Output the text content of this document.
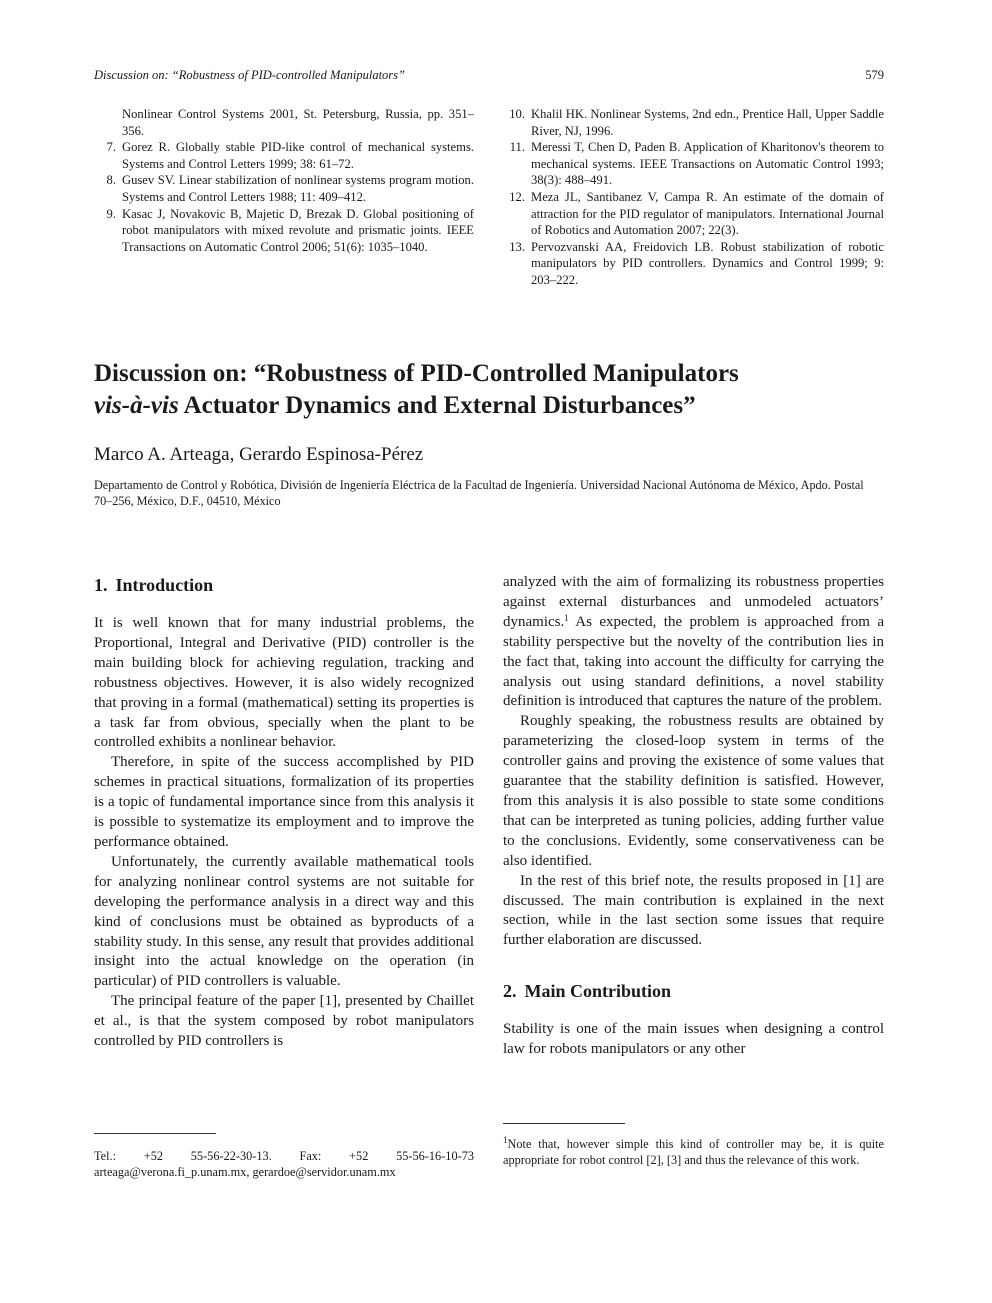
Discussion on: “Robustness of PID-controlled Manipulators”	579
Nonlinear Control Systems 2001, St. Petersburg, Russia, pp. 351–356.
7. Gorez R. Globally stable PID-like control of mechanical systems. Systems and Control Letters 1999; 38: 61–72.
8. Gusev SV. Linear stabilization of nonlinear systems program motion. Systems and Control Letters 1988; 11: 409–412.
9. Kasac J, Novakovic B, Majetic D, Brezak D. Global positioning of robot manipulators with mixed revolute and prismatic joints. IEEE Transactions on Automatic Control 2006; 51(6): 1035–1040.
10. Khalil HK. Nonlinear Systems, 2nd edn., Prentice Hall, Upper Saddle River, NJ, 1996.
11. Meressi T, Chen D, Paden B. Application of Kharitonov's theorem to mechanical systems. IEEE Transactions on Automatic Control 1993; 38(3): 488–491.
12. Meza JL, Santibanez V, Campa R. An estimate of the domain of attraction for the PID regulator of manipulators. International Journal of Robotics and Automation 2007; 22(3).
13. Pervozvanski AA, Freidovich LB. Robust stabilization of robotic manipulators by PID controllers. Dynamics and Control 1999; 9: 203–222.
Discussion on: “Robustness of PID-Controlled Manipulators
vis-à-vis Actuator Dynamics and External Disturbances”
Marco A. Arteaga, Gerardo Espinosa-Pérez
Departamento de Control y Robótica, División de Ingeniería Eléctrica de la Facultad de Ingeniería. Universidad Nacional Autónoma de México, Apdo. Postal 70–256, México, D.F., 04510, México
1. Introduction

It is well known that for many industrial problems, the Proportional, Integral and Derivative (PID) controller is the main building block for achieving regulation, tracking and robustness objectives. However, it is also widely recognized that proving in a formal (mathematical) setting its properties is a task far from obvious, specially when the plant to be controlled exhibits a nonlinear behavior.

Therefore, in spite of the success accomplished by PID schemes in practical situations, formalization of its properties is a topic of fundamental importance since from this analysis it is possible to systematize its employment and to improve the performance obtained.

Unfortunately, the currently available mathematical tools for analyzing nonlinear control systems are not suitable for developing the performance analysis in a direct way and this kind of conclusions must be obtained as byproducts of a stability study. In this sense, any result that provides additional insight into the actual knowledge on the operation (in particular) of PID controllers is valuable.

The principal feature of the paper [1], presented by Chaillet et al., is that the system composed by robot manipulators controlled by PID controllers is

analyzed with the aim of formalizing its robustness properties against external disturbances and unmodeled actuators’ dynamics.$^1$ As expected, the problem is approached from a stability perspective but the novelty of the contribution lies in the fact that, taking into account the difficulty for carrying the analysis out using standard definitions, a novel stability definition is introduced that captures the nature of the problem.

Roughly speaking, the robustness results are obtained by parameterizing the closed-loop system in terms of the controller gains and proving the existence of some values that guarantee that the stability definition is satisfied. However, from this analysis it is also possible to state some conditions that can be interpreted as tuning policies, adding further value to the conclusions. Evidently, some conservativeness can be also identified.

In the rest of this brief note, the results proposed in [1] are discussed. The main contribution is explained in the next section, while in the last section some issues that require further elaboration are discussed.

2. Main Contribution

Stability is one of the main issues when designing a control law for robots manipulators or any other

Tel.: +52 55-56-22-30-13. Fax: +52 55-56-16-10-73 arteaga@verona.fi_p.unam.mx, gerardoe@servidor.unam.mx
$^1$Note that, however simple this kind of controller may be, it is quite appropriate for robot control [2], [3] and thus the relevance of this work.
